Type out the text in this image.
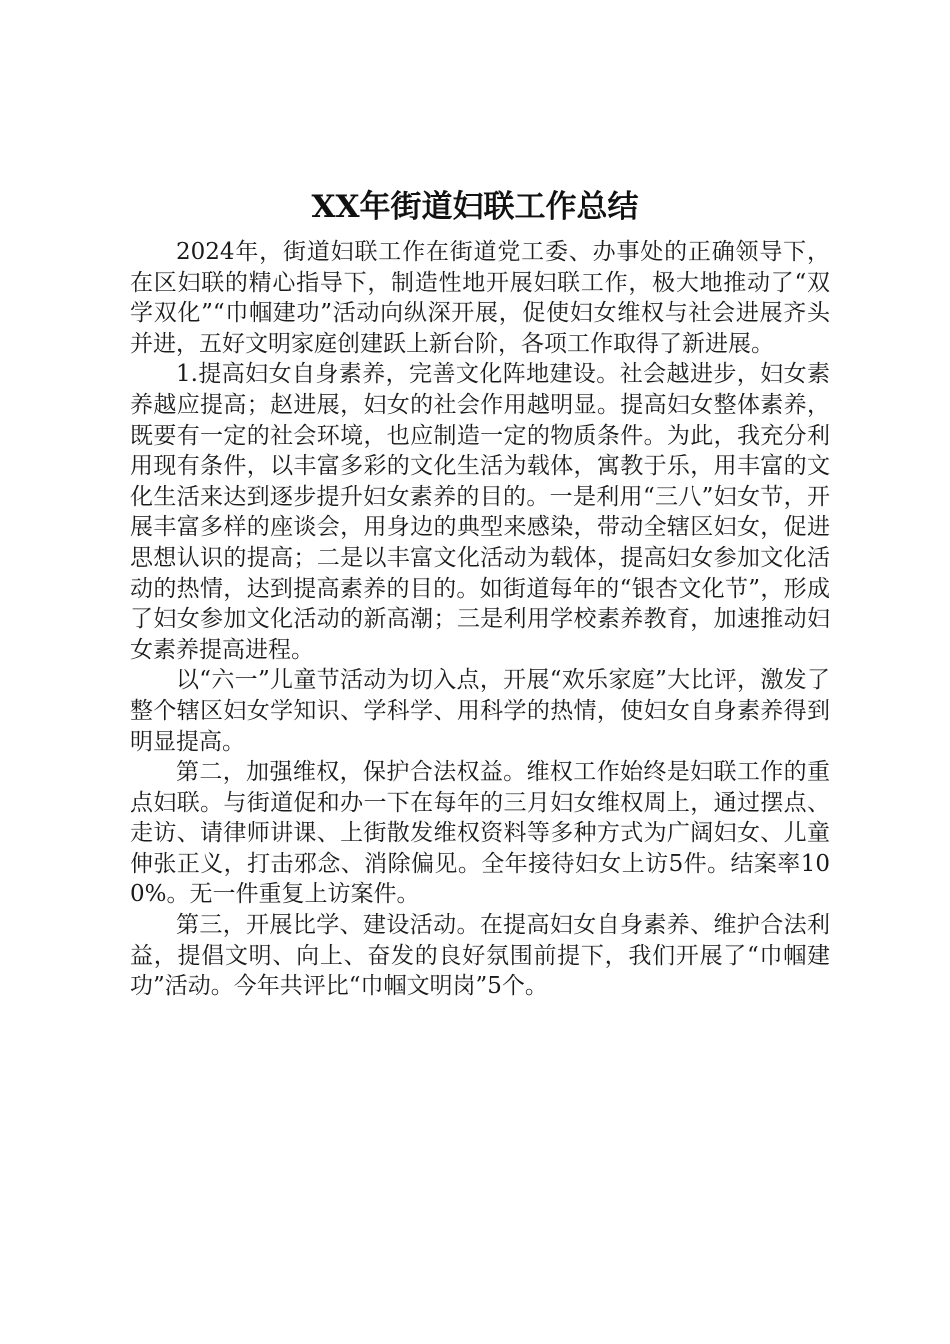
XX年街道妇联工作总结

2024年，街道妇联工作在街道党工委、办事处的正确领导下，在区妇联的精心指导下，制造性地开展妇联工作，极大地推动了“双学双化”“巾帼建功”活动向纵深开展，促使妇女维权与社会进展齐头并进，五好文明家庭创建跃上新台阶，各项工作取得了新进展。

1.提高妇女自身素养，完善文化阵地建设。社会越进步，妇女素养越应提高；赵进展，妇女的社会作用越明显。提高妇女整体素养，既要有一定的社会环境，也应制造一定的物质条件。为此，我充分利用现有条件，以丰富多彩的文化生活为载体，寓教于乐，用丰富的文化生活来达到逐步提升妇女素养的目的。一是利用“三八”妇女节，开展丰富多样的座谈会，用身边的典型来感染，带动全辖区妇女，促进思想认识的提高；二是以丰富文化活动为载体，提高妇女参加文化活动的热情，达到提高素养的目的。如街道每年的“银杏文化节”，形成了妇女参加文化活动的新高潮；三是利用学校素养教育，加速推动妇女素养提高进程。

以“六一”儿童节活动为切入点，开展“欢乐家庭”大比评，激发了整个辖区妇女学知识、学科学、用科学的热情，使妇女自身素养得到明显提高。

第二，加强维权，保护合法权益。维权工作始终是妇联工作的重点妇联。与街道促和办一下在每年的三月妇女维权周上，通过摆点、走访、请律师讲课、上街散发维权资料等多种方式为广阔妇女、儿童伸张正义，打击邪念、消除偏见。全年接待妇女上访5件。结案率100%。无一件重复上访案件。

第三，开展比学、建设活动。在提高妇女自身素养、维护合法利益，提倡文明、向上、奋发的良好氛围前提下，我们开展了“巾帼建功”活动。今年共评比“巾帼文明岗”5个。
